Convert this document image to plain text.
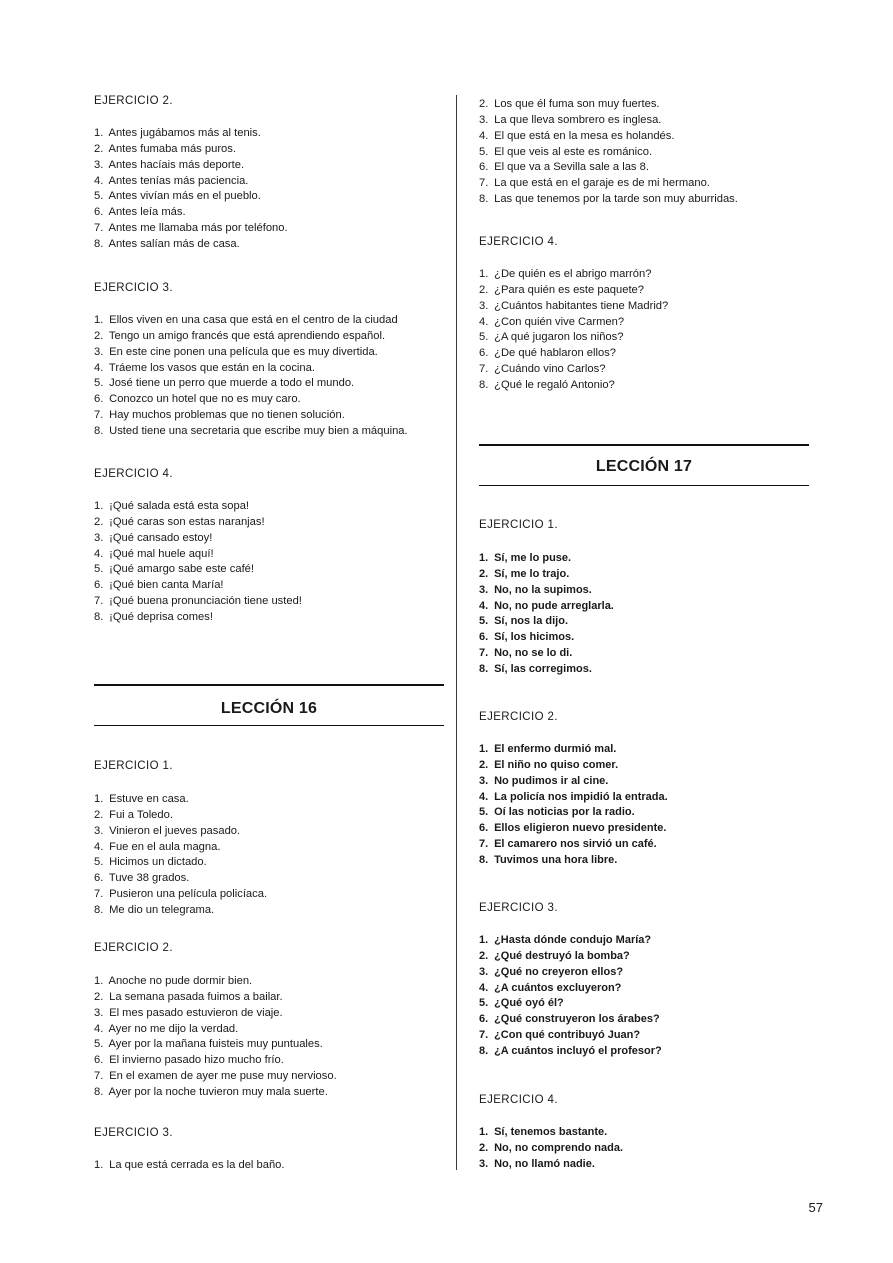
EJERCICIO 2.
1. Antes jugábamos más al tenis.
2. Antes fumaba más puros.
3. Antes hacíais más deporte.
4. Antes tenías más paciencia.
5. Antes vivían más en el pueblo.
6. Antes leía más.
7. Antes me llamaba más por teléfono.
8. Antes salían más de casa.
EJERCICIO 3.
1. Ellos viven en una casa que está en el centro de la ciudad
2. Tengo un amigo francés que está aprendiendo español.
3. En este cine ponen una película que es muy divertida.
4. Tráeme los vasos que están en la cocina.
5. José tiene un perro que muerde a todo el mundo.
6. Conozco un hotel que no es muy caro.
7. Hay muchos problemas que no tienen solución.
8. Usted tiene una secretaria que escribe muy bien a máquina.
EJERCICIO 4.
1. ¡Qué salada está esta sopa!
2. ¡Qué caras son estas naranjas!
3. ¡Qué cansado estoy!
4. ¡Qué mal huele aquí!
5. ¡Qué amargo sabe este café!
6. ¡Qué bien canta María!
7. ¡Qué buena pronunciación tiene usted!
8. ¡Qué deprisa comes!
LECCIÓN 16
EJERCICIO 1.
1. Estuve en casa.
2. Fui a Toledo.
3. Vinieron el jueves pasado.
4. Fue en el aula magna.
5. Hicimos un dictado.
6. Tuve 38 grados.
7. Pusieron una película policíaca.
8. Me dio un telegrama.
EJERCICIO 2.
1. Anoche no pude dormir bien.
2. La semana pasada fuimos a bailar.
3. El mes pasado estuvieron de viaje.
4. Ayer no me dijo la verdad.
5. Ayer por la mañana fuisteis muy puntuales.
6. El invierno pasado hizo mucho frío.
7. En el examen de ayer me puse muy nervioso.
8. Ayer por la noche tuvieron muy mala suerte.
EJERCICIO 3.
1. La que está cerrada es la del baño.
2. Los que él fuma son muy fuertes.
3. La que lleva sombrero es inglesa.
4. El que está en la mesa es holandés.
5. El que veis al este es románico.
6. El que va a Sevilla sale a las 8.
7. La que está en el garaje es de mi hermano.
8. Las que tenemos por la tarde son muy aburridas.
EJERCICIO 4.
1. ¿De quién es el abrigo marrón?
2. ¿Para quién es este paquete?
3. ¿Cuántos habitantes tiene Madrid?
4. ¿Con quién vive Carmen?
5. ¿A qué jugaron los niños?
6. ¿De qué hablaron ellos?
7. ¿Cuándo vino Carlos?
8. ¿Qué le regaló Antonio?
LECCIÓN 17
EJERCICIO 1.
1. Sí, me lo puse.
2. Sí, me lo trajo.
3. No, no la supimos.
4. No, no pude arreglarla.
5. Sí, nos la dijo.
6. Sí, los hicimos.
7. No, no se lo di.
8. Sí, las corregimos.
EJERCICIO 2.
1. El enfermo durmió mal.
2. El niño no quiso comer.
3. No pudimos ir al cine.
4. La policía nos impidió la entrada.
5. Oí las noticias por la radio.
6. Ellos eligieron nuevo presidente.
7. El camarero nos sirvió un café.
8. Tuvimos una hora libre.
EJERCICIO 3.
1. ¿Hasta dónde condujo María?
2. ¿Qué destruyó la bomba?
3. ¿Qué no creyeron ellos?
4. ¿A cuántos excluyeron?
5. ¿Qué oyó él?
6. ¿Qué construyeron los árabes?
7. ¿Con qué contribuyó Juan?
8. ¿A cuántos incluyó el profesor?
EJERCICIO 4.
1. Sí, tenemos bastante.
2. No, no comprendo nada.
3. No, no llamó nadie.
57
